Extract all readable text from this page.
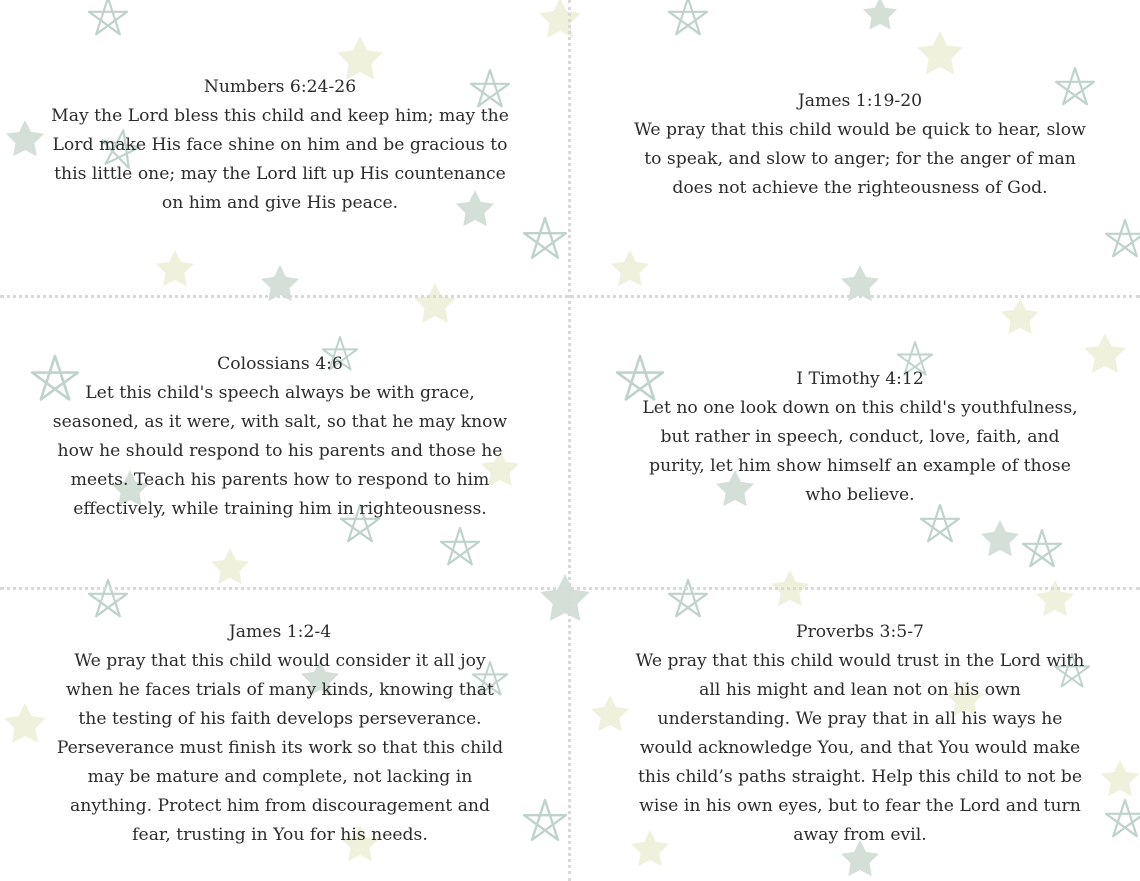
Numbers 6:24-26
May the Lord bless this child and keep him; may the
Lord make His face shine on him and be gracious to
this little one; may the Lord lift up His countenance
on him and give His peace.
James 1:19-20
We pray that this child would be quick to hear, slow
to speak, and slow to anger; for the anger of man
does not achieve the righteousness of God.
Colossians 4:6
Let this child's speech always be with grace,
seasoned, as it were, with salt, so that he may know
how he should respond to his parents and those he
meets. Teach his parents how to respond to him
effectively, while training him in righteousness.
I Timothy 4:12
Let no one look down on this child's youthfulness,
but rather in speech, conduct, love, faith, and
purity, let him show himself an example of those
who believe.
James 1:2-4
We pray that this child would consider it all joy
when he faces trials of many kinds, knowing that
the testing of his faith develops perseverance.
Perseverance must finish its work so that this child
may be mature and complete, not lacking in
anything. Protect him from discouragement and
fear, trusting in You for his needs.
Proverbs 3:5-7
We pray that this child would trust in the Lord with
all his might and lean not on his own
understanding. We pray that in all his ways he
would acknowledge You, and that You would make
this child’s paths straight. Help this child to not be
wise in his own eyes, but to fear the Lord and turn
away from evil.
